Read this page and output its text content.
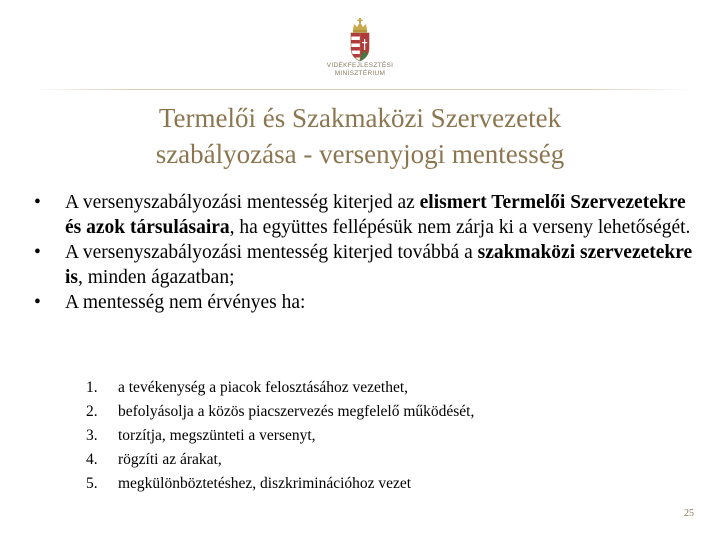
VIDÉKFEJLESZTÉSI
MINISZTÉRIUM
Termelői és Szakmaközi Szervezetek
szabályozása - versenyjogi mentesség
• A versenyszabályozási mentesség kiterjed az elismert Termelői Szervezetekre és azok társulásaira, ha együttes fellépésük nem zárja ki a verseny lehetőségét.
• A versenyszabályozási mentesség kiterjed továbbá a szakmaközi szervezetekre is, minden ágazatban;
• A mentesség nem érvényes ha:
1. a tevékenység a piacok felosztásához vezethet,
2. befolyásolja a közös piacszervezés megfelelő működését,
3. torzítja, megszünteti a versenyt,
4. rögzíti az árakat,
5. megkülönböztetéshez, diszkriminációhoz vezet
25
